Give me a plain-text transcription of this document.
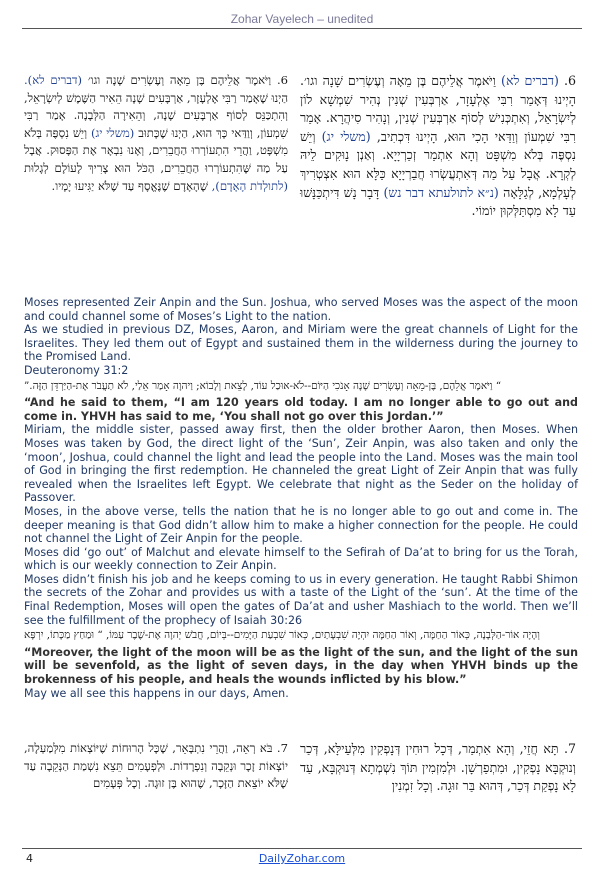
Zohar Vayelech – unedited
6. (דברים לא) וַיֹּאמֶר אֲלֵיהֶם בֶּן מֵאָה וְעֶשְׂרִים שָׁנָה וגו׳. הָיְינוּ דְּאָמַר רִבִּי אֶלְעָזָר, אַרְבְּעִין שְׁנִין נְהִיר שִׁמְשָׁא לוֹן לְיִשְׂרָאֵל, וְאִתְכְּנִישׁ לְסוֹף אַרְבְּעִין שְׁנִין, וְנָהִיר סִיהֲרָא. אָמַר רִבִּי שִׁמְעוֹן וְוַדַּאי הָכִי הוּא, הָיְינוּ דִּכְתִיב, (משלי יג) וְיֵשׁ נִסְפֶּה בְּלֹא מִשְׁפָּט וְהָא אִתְמַר זְכַרְיָיָא. וְאַנְן נָוּקִים לֵיהּ לְקְרָא. אֲבָל עַל מַה דְּאִתְעֲשְׂרוּ חֲבֵרְיָיָא כַּלָּא הוּא אִצְטְרִיךְ לְעָלְמָא, לְגַלָּאָה (נ״א לתולעתא דבר נש) דָּבָר נָשׁ דִּיתְכַּנָּשׁוּ עַד לָא מִסְתַּלְּקוּן יוֹמוֹי.
6. וַיֹּאמֶר אֲלֵיהֶם בֶּן מֵאָה וְעֶשְׂרִים שָׁנָה וגו׳ (דברים לא). הַיְנוּ שֶׁאָמַר רַבִּי אֶלְעָזָר, אַרְבָּעִים שָׁנָה הֵאִיר הַשֶּׁמֶשׁ לְיִשְׂרָאֵל, וְהִתְכַּנֵּס לְסוֹף אַרְבָּעִים שָׁנָה, וְהֵאִירָה הַלְּבָנָה. אָמַר רַבִּי שִׁמְעוֹן, וְוַדַּאי כָּךְ הוּא, הַיְנוּ שֶׁכָּתוּב (משלי יג) וְיֵשׁ נִסְפֶּה בְּלֹא מִשְׁפָּט, וַהֲרֵי הִתְעוֹרְרוּ הַחֲבֵרִים, וְאָנוּ נִבְאָר אֶת הַפָּסוּק. אֲבָל עַל מַה שֶּׁהִתְעוֹרְרוּ הַחֲבֵרִים, הַכֹּל הוּא צָרִיךְ לָעוֹלָם לְגָלוּת (לתולְדֹת הָאָדָם), שֶׁהָאָדָם שֶׁנֶּאֱסָף עַד שֶׁלֹּא יַגִּיעוּ יָמָיו.

Moses represented Zeir Anpin and the Sun. Joshua, who served Moses was the aspect of the moon and could channel some of Moses’s Light to the nation.

As we studied in previous DZ, Moses, Aaron, and Miriam were the great channels of Light for the Israelites. They led them out of Egypt and sustained them in the wilderness during the journey to the Promised Land.

Deuteronomy 31:2

“ וַיֹּאמֶר אֲלֵהֶם, בֶּן-מֵאָה וְעֶשְׂרִים שָׁנָה אָנֹכִי הַיּוֹם--לֹא-אוּכַל עוֹד, לָצֵאת וְלָבוֹא; וַיהוָה אָמַר אֵלַי, לֹא תַעֲבֹר אֶת-הַיַּרְדֵּן הַזֶּה.”

“And he said to them, “I am 120 years old today. I am no longer able to go out and come in. YHVH has said to me, ‘You shall not go over this Jordan.’”

Miriam, the middle sister, passed away first, then the older brother Aaron, then Moses. When Moses was taken by God, the direct light of the ‘Sun’, Zeir Anpin, was also taken and only the ‘moon’, Joshua, could channel the light and lead the people into the Land. Moses was the main tool of God in bringing the first redemption. He channeled the great Light of Zeir Anpin that was fully revealed when the Israelites left Egypt. We celebrate that night as the Seder on the holiday of Passover.

Moses, in the above verse, tells the nation that he is no longer able to go out and come in. The deeper meaning is that God didn’t allow him to make a higher connection for the people. He could not channel the Light of Zeir Anpin for the people.

Moses did ‘go out’ of Malchut and elevate himself to the Sefirah of Da’at to bring for us the Torah, which is our weekly connection to Zeir Anpin.

Moses didn’t finish his job and he keeps coming to us in every generation. He taught Rabbi Shimon the secrets of the Zohar and provides us with a taste of the Light of the ‘sun’. At the time of the Final Redemption, Moses will open the gates of Da’at and usher Mashiach to the world. Then we’ll see the fulfillment of the prophecy of Isaiah 30:26

וְהָיָה אוֹר-הַלְּבָנָה, כְּאוֹר הַחַמָּה, וְאוֹר הַחַמָּה יִהְיֶה שִׁבְעָתַיִם, כְּאוֹר שִׁבְעַת הַיָּמִים--בְּיוֹם, חֲבֹשׁ יְהוָה אֶת-שֶׁבֶר עַמּוֹ, “ וּמַחַץ מַכָּתוֹ, יִרְפָּא

“Moreover, the light of the moon will be as the light of the sun, and the light of the sun will be sevenfold, as the light of seven days, in the day when YHVH binds up the brokenness of his people, and heals the wounds inflicted by his blow.”

May we all see this happens in our days, Amen.

7. תָּא חֲזֵי, וְהָא אִתְמַר, דְּכָל רוּחִין דְּנָפְקִין מִלְּעֵילָּא, דְּכַר וְנוּקְבָּא נָפְקִין, וּמִתְפַרְשָׁן. וּלְמִזְמִין תּוֹךְ נִשְׁמְתָא דְּנוּקְבָּא, עַד לָא נָפְקַת דְּכַר, דְּהוּא בַּר זוּגָה. וְכָל זִמְנִין
7. בֹּא רְאֵה, וַהֲרֵי נִתְבָּאֵר, שֶׁכָּל הָרוּחוֹת שֶׁיּוֹצְאוֹת מִלְּמַעְלָה, יוֹצְאוֹת זָכָר וּנְקֵבָה וְנִפְרָדוֹת. וּלְפְעָמִים תֵּצֵא נִשְׁמַת הַנְּקֵבָה עַד שֶׁלֹּא יוֹצֵאת הַזָּכָר, שֶׁהוּא בֶּן זוּגָה. וְכָל פְּעָמִים
4	DailyZohar.com
